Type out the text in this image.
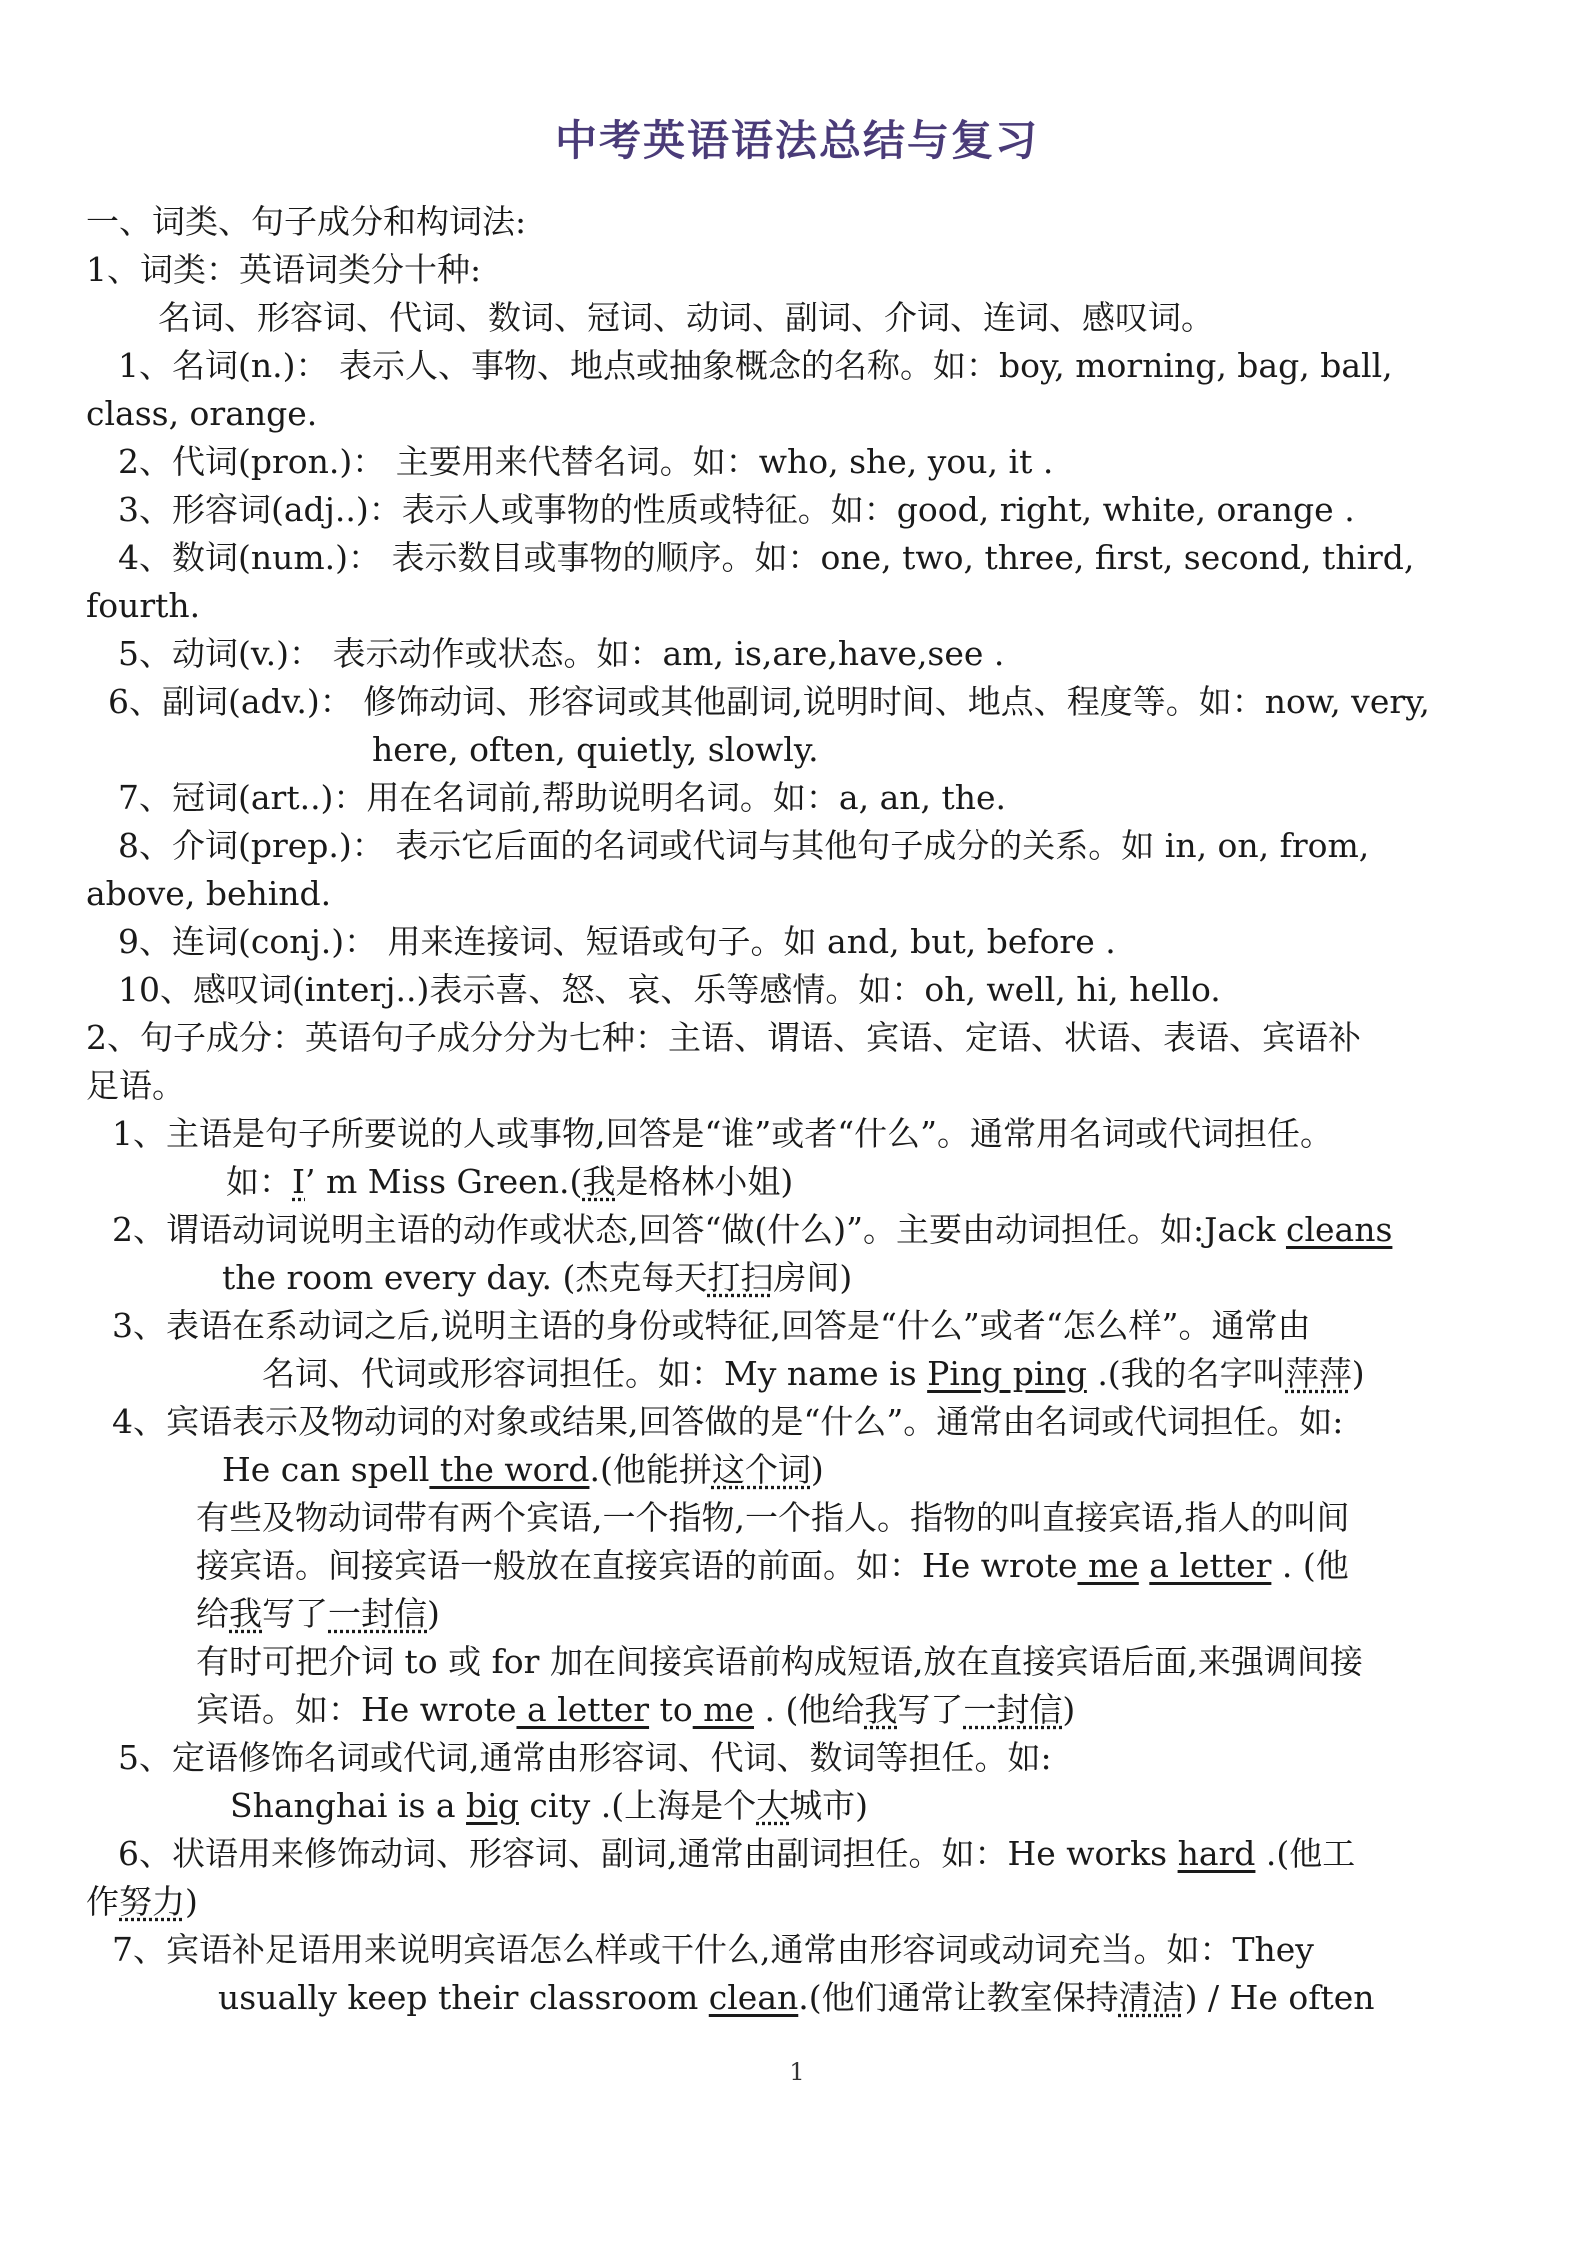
中考英语语法总结与复习
一、词类、句子成分和构词法:
1、词类：英语词类分十种:
名词、形容词、代词、数词、冠词、动词、副词、介词、连词、感叹词。
1、名词(n.)： 表示人、事物、地点或抽象概念的名称。如：boy, morning, bag, ball,
class, orange.
2、代词(pron.)： 主要用来代替名词。如：who, she, you, it .
3、形容词(adj..)：表示人或事物的性质或特征。如：good, right, white, orange .
4、数词(num.)： 表示数目或事物的顺序。如：one, two, three, first, second, third,
fourth.
5、动词(v.)： 表示动作或状态。如：am, is,are,have,see .
6、副词(adv.)： 修饰动词、形容词或其他副词,说明时间、地点、程度等。如：now, very,
here, often, quietly, slowly.
7、冠词(art..)：用在名词前,帮助说明名词。如：a, an, the.
8、介词(prep.)： 表示它后面的名词或代词与其他句子成分的关系。如 in, on, from,
above, behind.
9、连词(conj.)： 用来连接词、短语或句子。如 and, but, before .
10、感叹词(interj..)表示喜、怒、哀、乐等感情。如：oh, well, hi, hello.
2、句子成分：英语句子成分分为七种：主语、谓语、宾语、定语、状语、表语、宾语补
足语。
1、主语是句子所要说的人或事物,回答是“谁”或者“什么”。通常用名词或代词担任。
如：I’ m Miss Green.(我是格林小姐)
2、谓语动词说明主语的动作或状态,回答“做(什么)”。主要由动词担任。如:Jack cleans
the room every day. (杰克每天打扫房间)
3、表语在系动词之后,说明主语的身份或特征,回答是“什么”或者“怎么样”。通常由
名词、代词或形容词担任。如：My name is Ping ping .(我的名字叫萍萍)
4、宾语表示及物动词的对象或结果,回答做的是“什么”。通常由名词或代词担任。如:
He can spell the word.(他能拼这个词)
有些及物动词带有两个宾语,一个指物,一个指人。指物的叫直接宾语,指人的叫间
接宾语。间接宾语一般放在直接宾语的前面。如：He wrote me a letter . (他
给我写了一封信)
有时可把介词 to 或 for 加在间接宾语前构成短语,放在直接宾语后面,来强调间接
宾语。如：He wrote a letter to me . (他给我写了一封信)
5、定语修饰名词或代词,通常由形容词、代词、数词等担任。如:
Shanghai is a big city .(上海是个大城市)
6、状语用来修饰动词、形容词、副词,通常由副词担任。如：He works hard .(他工
作努力)
7、宾语补足语用来说明宾语怎么样或干什么,通常由形容词或动词充当。如：They
usually keep their classroom clean.(他们通常让教室保持清洁) / He often
1
